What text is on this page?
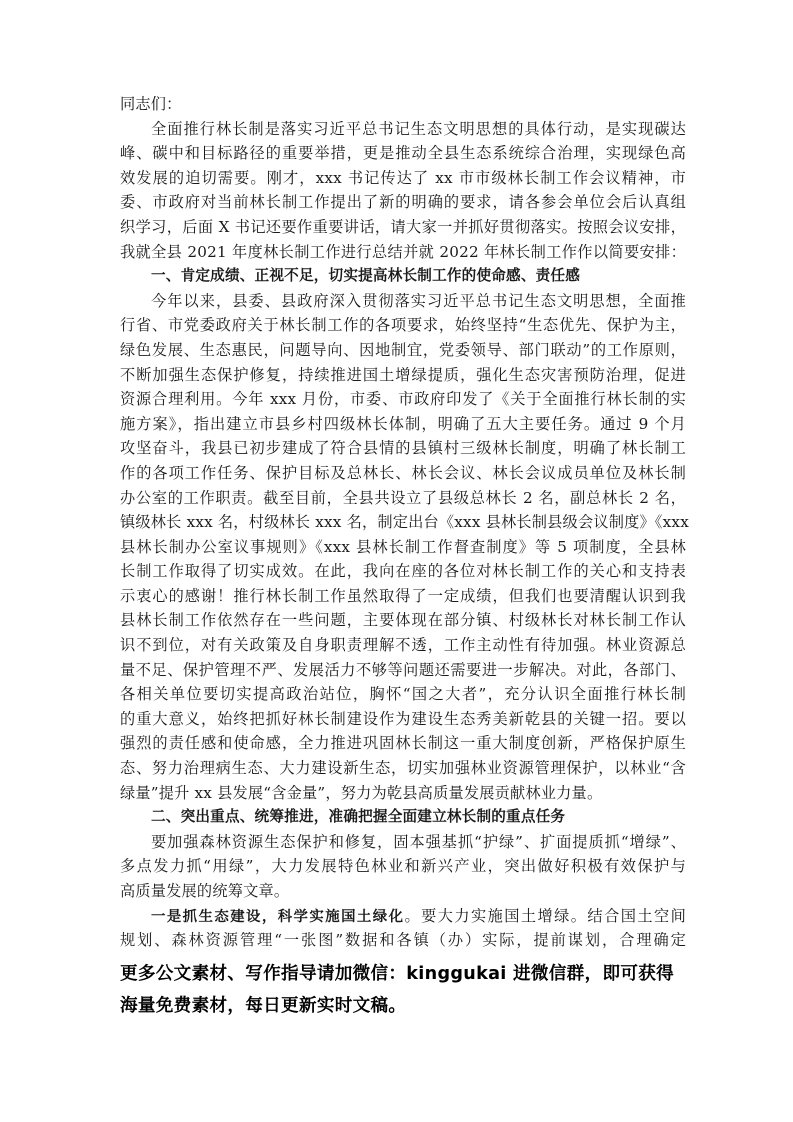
同志们：
全面推行林长制是落实习近平总书记生态文明思想的具体行动，是实现碳达
峰、碳中和目标路径的重要举措，更是推动全县生态系统综合治理，实现绿色高
效发展的迫切需要。刚才，xxx 书记传达了 xx 市市级林长制工作会议精神，市
委、市政府对当前林长制工作提出了新的明确的要求，请各参会单位会后认真组
织学习，后面 X 书记还要作重要讲话，请大家一并抓好贯彻落实。按照会议安排，
我就全县 2021 年度林长制工作进行总结并就 2022 年林长制工作作以简要安排：
一、肯定成绩、正视不足，切实提高林长制工作的使命感、责任感
今年以来，县委、县政府深入贯彻落实习近平总书记生态文明思想，全面推
行省、市党委政府关于林长制工作的各项要求，始终坚持“生态优先、保护为主，
绿色发展、生态惠民，问题导向、因地制宜，党委领导、部门联动”的工作原则，
不断加强生态保护修复，持续推进国土增绿提质，强化生态灾害预防治理，促进
资源合理利用。今年 xxx 月份，市委、市政府印发了《关于全面推行林长制的实
施方案》，指出建立市县乡村四级林长体制，明确了五大主要任务。通过 9 个月
攻坚奋斗，我县已初步建成了符合县情的县镇村三级林长制度，明确了林长制工
作的各项工作任务、保护目标及总林长、林长会议、林长会议成员单位及林长制
办公室的工作职责。截至目前，全县共设立了县级总林长 2 名，副总林长 2 名，
镇级林长 xxx 名，村级林长 xxx 名，制定出台《xxx 县林长制县级会议制度》《xxx
县林长制办公室议事规则》《xxx 县林长制工作督查制度》等 5 项制度，全县林
长制工作取得了切实成效。在此，我向在座的各位对林长制工作的关心和支持表
示衷心的感谢！推行林长制工作虽然取得了一定成绩，但我们也要清醒认识到我
县林长制工作依然存在一些问题，主要体现在部分镇、村级林长对林长制工作认
识不到位，对有关政策及自身职责理解不透，工作主动性有待加强。林业资源总
量不足、保护管理不严、发展活力不够等问题还需要进一步解决。对此，各部门、
各相关单位要切实提高政治站位，胸怀“国之大者”，充分认识全面推行林长制
的重大意义，始终把抓好林长制建设作为建设生态秀美新乾县的关键一招。要以
强烈的责任感和使命感，全力推进巩固林长制这一重大制度创新，严格保护原生
态、努力治理病生态、大力建设新生态，切实加强林业资源管理保护，以林业“含
绿量”提升 xx 县发展“含金量”，努力为乾县高质量发展贡献林业力量。
二、突出重点、统筹推进，准确把握全面建立林长制的重点任务
要加强森林资源生态保护和修复，固本强基抓“护绿”、扩面提质抓“增绿”、
多点发力抓“用绿”，大力发展特色林业和新兴产业，突出做好积极有效保护与
高质量发展的统筹文章。
一是抓生态建设，科学实施国土绿化。要大力实施国土增绿。结合国土空间
规划、森林资源管理“一张图”数据和各镇（办）实际，提前谋划，合理确定
更多公文素材、写作指导请加微信：kinggukai 进微信群，即可获得
海量免费素材，每日更新实时文稿。
